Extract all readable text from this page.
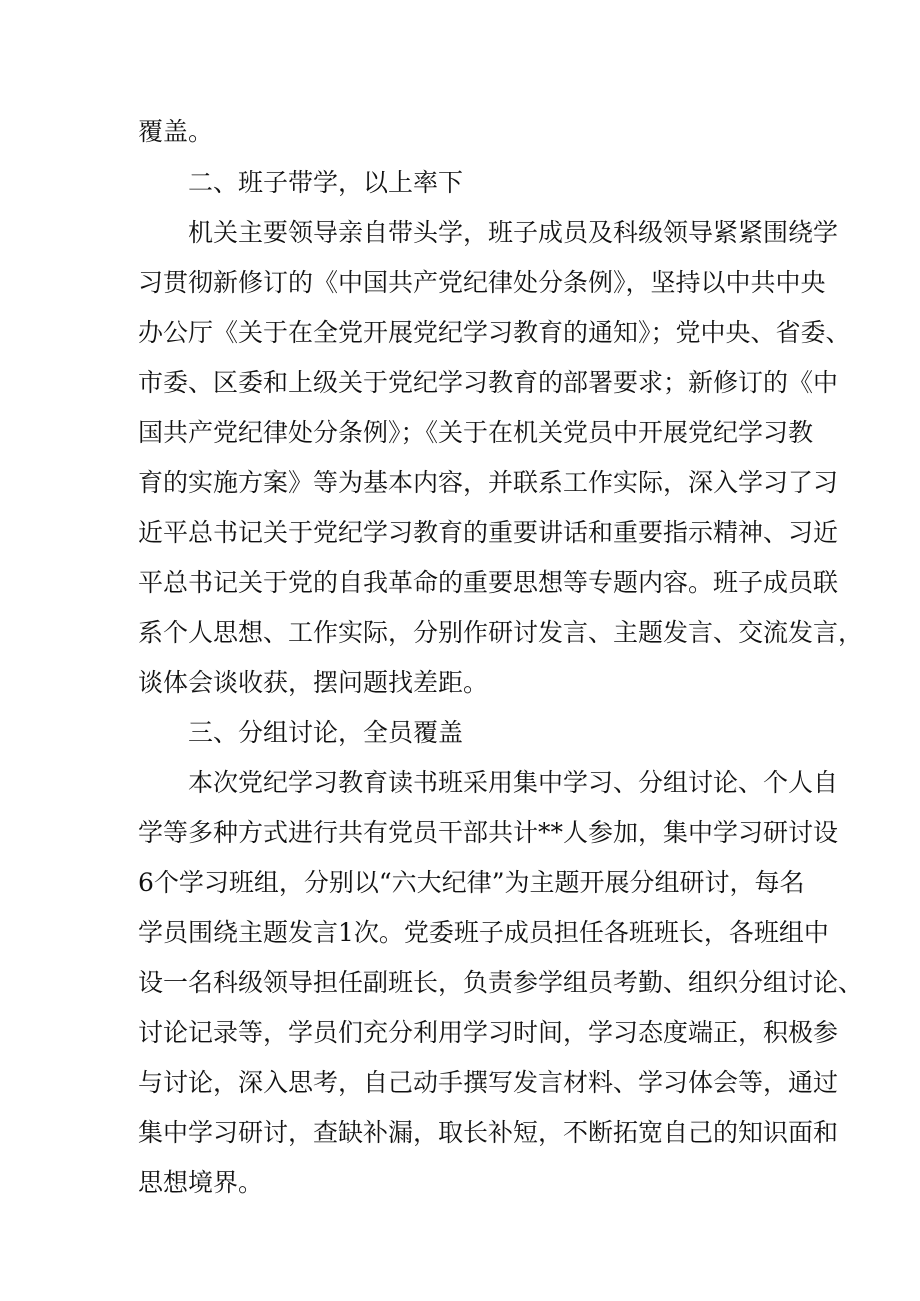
覆盖。
二、班子带学，以上率下
机关主要领导亲自带头学，班子成员及科级领导紧紧围绕学
习贯彻新修订的《中国共产党纪律处分条例》，坚持以中共中央
办公厅《关于在全党开展党纪学习教育的通知》；党中央、省委、
市委、区委和上级关于党纪学习教育的部署要求；新修订的《中
国共产党纪律处分条例》；《关于在机关党员中开展党纪学习教
育的实施方案》等为基本内容，并联系工作实际，深入学习了习
近平总书记关于党纪学习教育的重要讲话和重要指示精神、习近
平总书记关于党的自我革命的重要思想等专题内容。班子成员联
系个人思想、工作实际，分别作研讨发言、主题发言、交流发言，
谈体会谈收获，摆问题找差距。
三、分组讨论，全员覆盖
本次党纪学习教育读书班采用集中学习、分组讨论、个人自
学等多种方式进行共有党员干部共计**人参加，集中学习研讨设
6个学习班组，分别以“六大纪律”为主题开展分组研讨，每名
学员围绕主题发言1次。党委班子成员担任各班班长，各班组中
设一名科级领导担任副班长，负责参学组员考勤、组织分组讨论、
讨论记录等，学员们充分利用学习时间，学习态度端正，积极参
与讨论，深入思考，自己动手撰写发言材料、学习体会等，通过
集中学习研讨，查缺补漏，取长补短，不断拓宽自己的知识面和
思想境界。
